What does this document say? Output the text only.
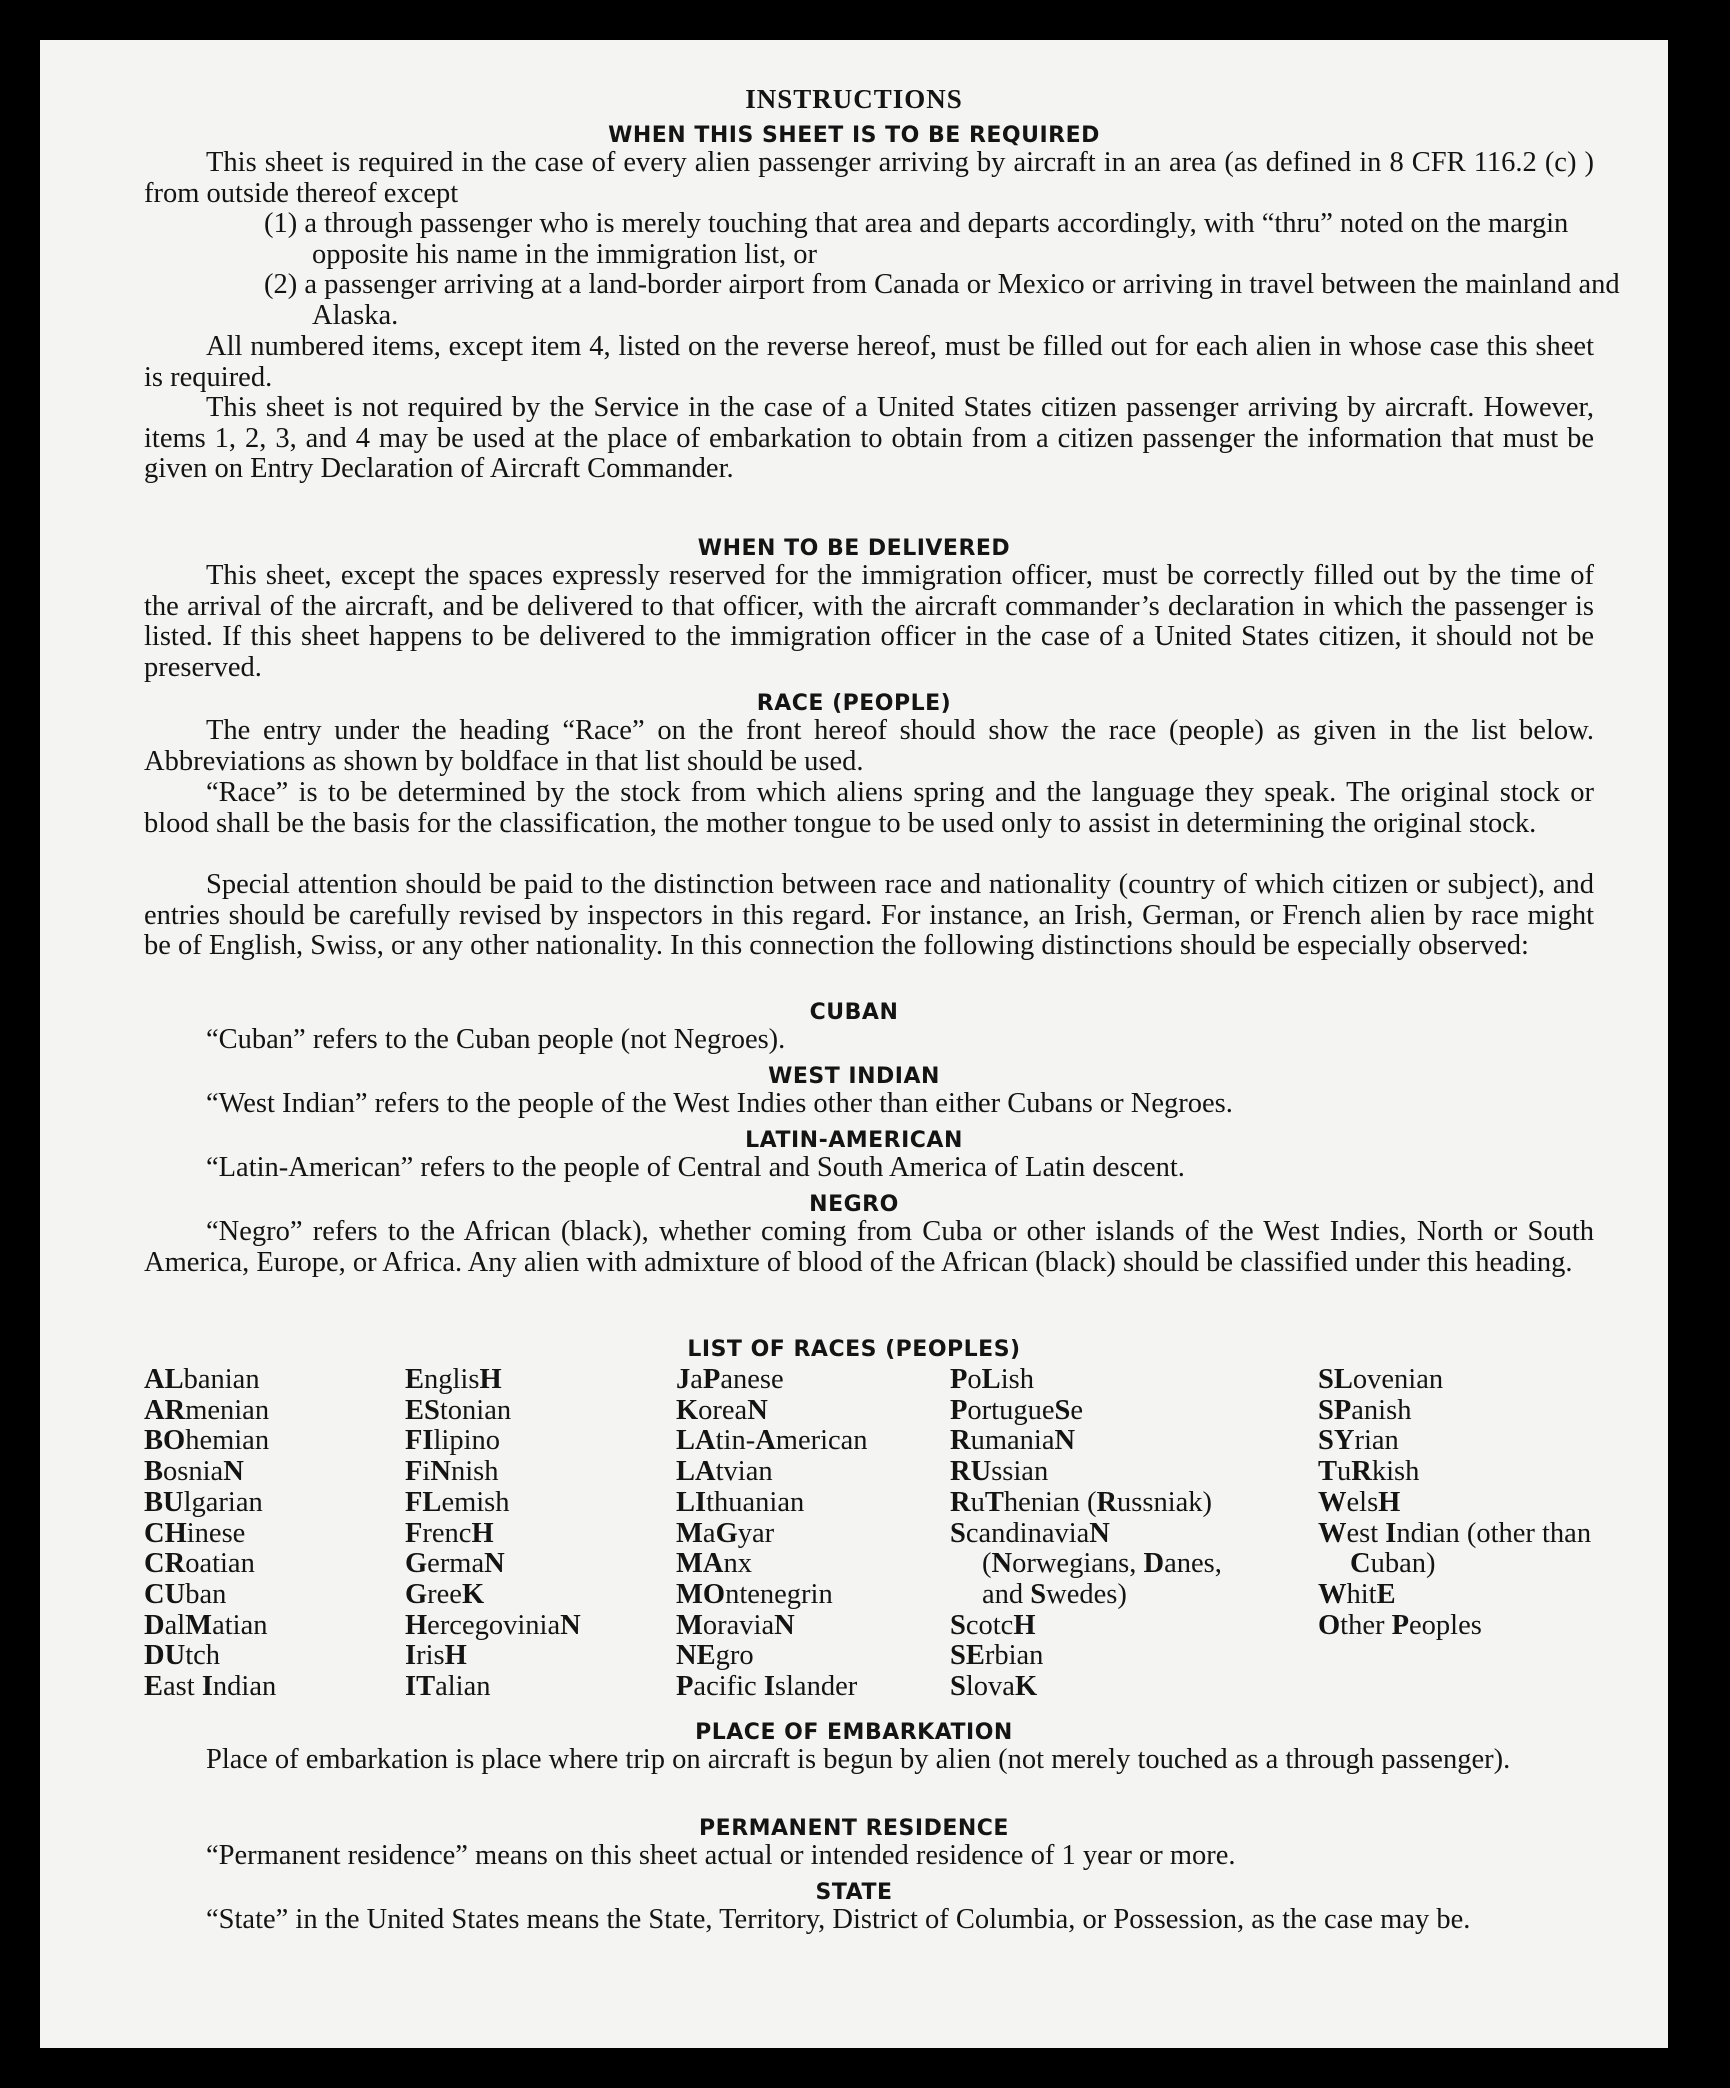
INSTRUCTIONS
WHEN THIS SHEET IS TO BE REQUIRED
This sheet is required in the case of every alien passenger arriving by aircraft in an area (as defined in 8 CFR 116.2 (c) ) from outside thereof except
(1) a through passenger who is merely touching that area and departs accordingly, with “thru” noted on the margin opposite his name in the immigration list, or
(2) a passenger arriving at a land-border airport from Canada or Mexico or arriving in travel between the mainland and Alaska.
All numbered items, except item 4, listed on the reverse hereof, must be filled out for each alien in whose case this sheet is required.
This sheet is not required by the Service in the case of a United States citizen passenger arriving by aircraft. However, items 1, 2, 3, and 4 may be used at the place of embarkation to obtain from a citizen passenger the information that must be given on Entry Declaration of Aircraft Commander.
WHEN TO BE DELIVERED
This sheet, except the spaces expressly reserved for the immigration officer, must be correctly filled out by the time of the arrival of the aircraft, and be delivered to that officer, with the aircraft commander’s declaration in which the passenger is listed. If this sheet happens to be delivered to the immigration officer in the case of a United States citizen, it should not be preserved.
RACE (PEOPLE)
The entry under the heading “Race” on the front hereof should show the race (people) as given in the list below. Abbreviations as shown by boldface in that list should be used.
“Race” is to be determined by the stock from which aliens spring and the language they speak. The original stock or blood shall be the basis for the classification, the mother tongue to be used only to assist in determining the original stock.
Special attention should be paid to the distinction between race and nationality (country of which citizen or subject), and entries should be carefully revised by inspectors in this regard. For instance, an Irish, German, or French alien by race might be of English, Swiss, or any other nationality. In this connection the following distinctions should be especially observed:
CUBAN
“Cuban” refers to the Cuban people (not Negroes).
WEST INDIAN
“West Indian” refers to the people of the West Indies other than either Cubans or Negroes.
LATIN-AMERICAN
“Latin-American” refers to the people of Central and South America of Latin descent.
NEGRO
“Negro” refers to the African (black), whether coming from Cuba or other islands of the West Indies, North or South America, Europe, or Africa. Any alien with admixture of blood of the African (black) should be classified under this heading.
LIST OF RACES (PEOPLES)
ALbanian
ARmenian
BOhemian
BosniaN
BUlgarian
CHinese
CRoatian
CUban
DalMatian
DUtch
East Indian
EnglisH
EStonian
FIlipino
FiNnish
FLemish
FrencH
GermaN
GreeK
HercegoviniaN
IrisH
ITalian
JaPanese
KoreaN
LAtin-American
LAtvian
LIthuanian
MaGyar
MAnx
MOntenegrin
MoraviaN
NEgro
Pacific Islander
PoLish
PortugueSe
RumaniaN
RUssian
RuThenian (Russniak)
ScandinaviaN (Norwegians, Danes, and Swedes)
ScotcH
SErbian
SlovaK
SLovenian
SPanish
SYrian
TuRkish
WelsH
West Indian (other than Cuban)
WhitE
Other Peoples
PLACE OF EMBARKATION
Place of embarkation is place where trip on aircraft is begun by alien (not merely touched as a through passenger).
PERMANENT RESIDENCE
“Permanent residence” means on this sheet actual or intended residence of 1 year or more.
STATE
“State” in the United States means the State, Territory, District of Columbia, or Possession, as the case may be.
